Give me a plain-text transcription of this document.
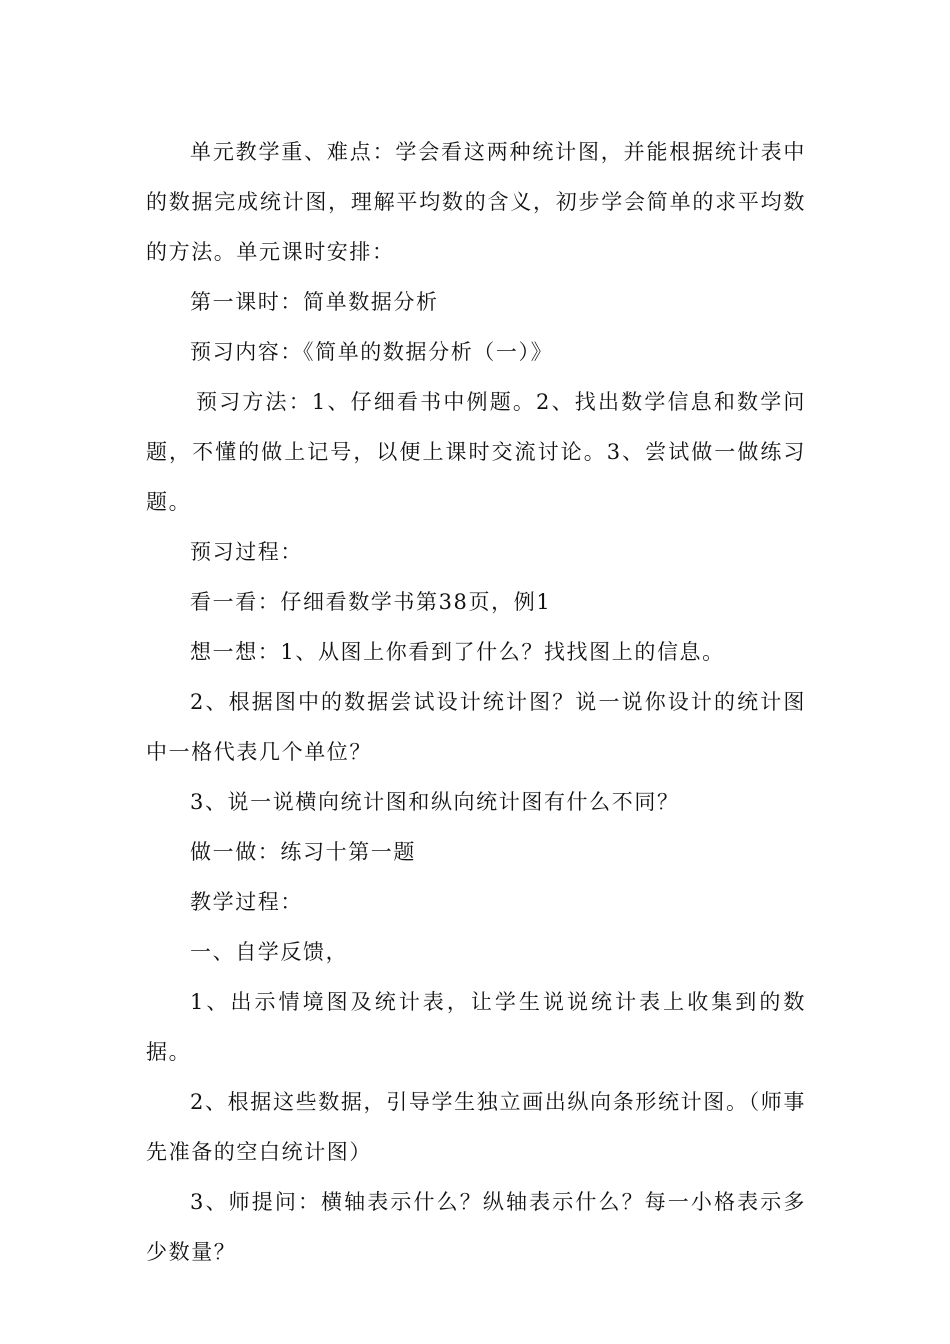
单元教学重、难点：学会看这两种统计图，并能根据统计表中的数据完成统计图，理解平均数的含义，初步学会简单的求平均数的方法。单元课时安排：

第一课时：简单数据分析

预习内容：《简单的数据分析（一）》

预习方法：1、仔细看书中例题。2、找出数学信息和数学问题，不懂的做上记号，以便上课时交流讨论。3、尝试做一做练习题。

预习过程：

看一看：仔细看数学书第38页，例1

想一想：1、从图上你看到了什么？找找图上的信息。

2、根据图中的数据尝试设计统计图？说一说你设计的统计图中一格代表几个单位？

3、说一说横向统计图和纵向统计图有什么不同？

做一做：练习十第一题

教学过程：

一、自学反馈，

1、出示情境图及统计表，让学生说说统计表上收集到的数据。

2、根据这些数据，引导学生独立画出纵向条形统计图。（师事先准备的空白统计图）

3、师提问：横轴表示什么？纵轴表示什么？每一小格表示多少数量？
